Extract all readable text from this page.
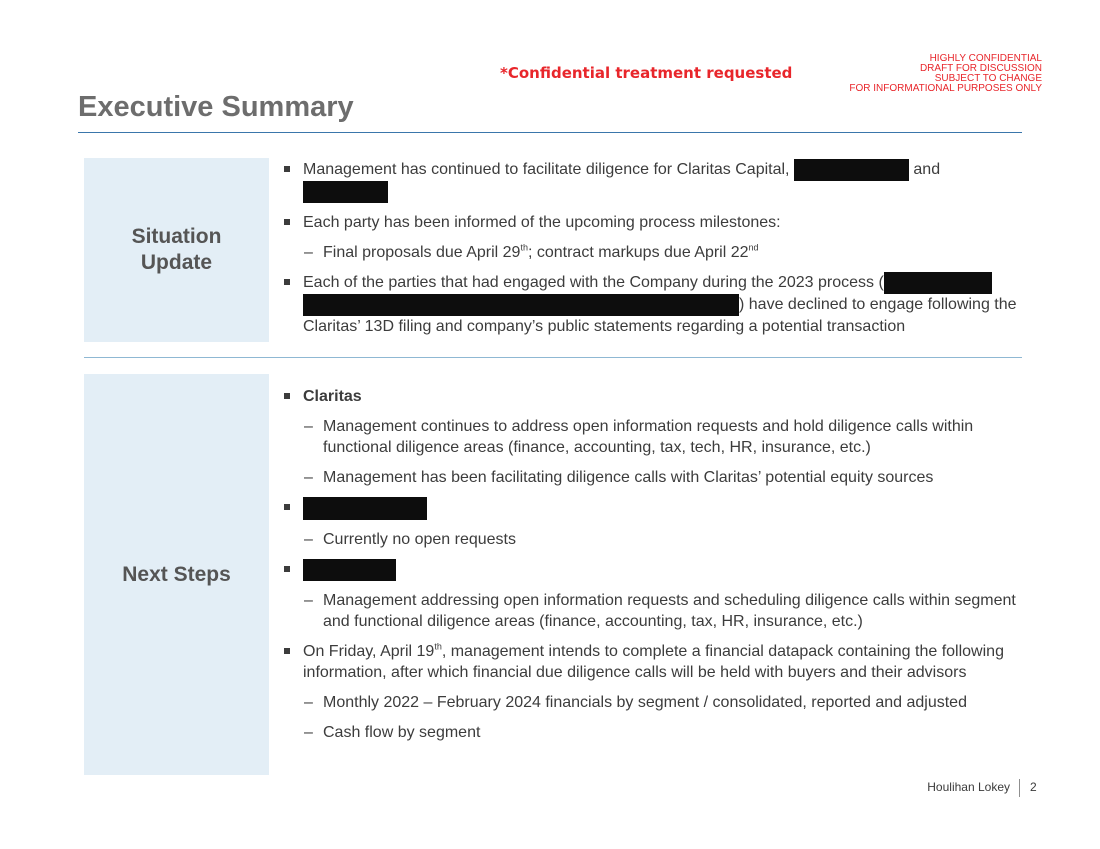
*Confidential treatment requested
HIGHLY CONFIDENTIAL
DRAFT FOR DISCUSSION
SUBJECT TO CHANGE
FOR INFORMATIONAL PURPOSES ONLY
Executive Summary
Situation
Update
Management has continued to facilitate diligence for Claritas Capital,	and

Each party has been informed of the upcoming process milestones:
– Final proposals due April 29th; contract markups due April 22nd
Each of the parties that had engaged with the Company during the 2023 process (
) have declined to engage following the Claritas’ 13D filing and company’s public statements regarding a potential transaction
Next Steps
Claritas
– Management continues to address open information requests and hold diligence calls within functional diligence areas (finance, accounting, tax, tech, HR, insurance, etc.)
– Management has been facilitating diligence calls with Claritas’ potential equity sources
– Currently no open requests
– Management addressing open information requests and scheduling diligence calls within segment and functional diligence areas (finance, accounting, tax, HR, insurance, etc.)
On Friday, April 19th, management intends to complete a financial datapack containing the following information, after which financial due diligence calls will be held with buyers and their advisors
– Monthly 2022 – February 2024 financials by segment / consolidated, reported and adjusted
– Cash flow by segment
Houlihan Lokey 2
